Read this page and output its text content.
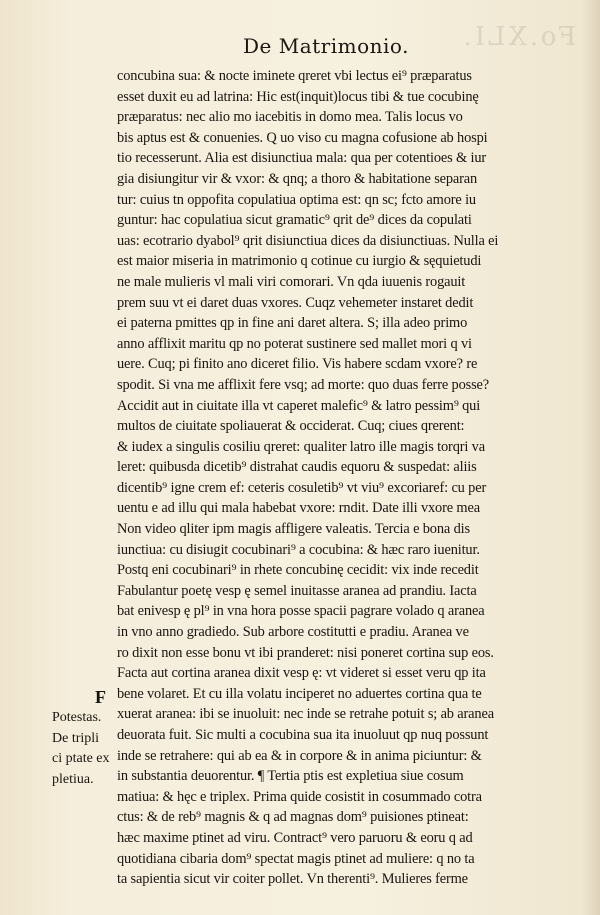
Fo.XLI.
De Matrimonio.
concubina sua: & nocte iminete qreret vbi lectus ei⁹ præparatus
esset duxit eu ad latrina: Hic est(inquit)locus tibi & tue cocubinę
præparatus: nec alio mo iacebitis in domo mea. Talis locus vo
bis aptus est & conuenies. Q uo viso cu magna cofusione ab hospi
tio recesserunt. Alia est disiunctiua mala: qua per cotentioes & iur
gia disiungitur vir & vxor: & qnq; a thoro & habitatione separan
tur: cuius tn oppofita copulatiua optima est: qn sc; fcto amore iu
guntur: hac copulatiua sicut gramatic⁹ qrit de⁹ dices da copulati
uas: ecotrario dyabol⁹ qrit disiunctiua dices da disiunctiuas. Nulla ei
est maior miseria in matrimonio q cotinue cu iurgio & sęquietudi
ne male mulieris vl mali viri comorari. Vn qda iuuenis rogauit
prem suu vt ei daret duas vxores. Cuqz vehemeter instaret dedit
ei paterna pmittes qp in fine ani daret altera. S; illa adeo primo
anno afflixit maritu qp no poterat sustinere sed mallet mori q vi
uere. Cuq; pi finito ano diceret filio. Vis habere scdam vxore? re
spodit. Si vna me afflixit fere vsq; ad morte: quo duas ferre posse?
Accidit aut in ciuitate illa vt caperet malefic⁹ & latro pessim⁹ qui
multos de ciuitate spoliauerat & occiderat. Cuq; ciues qrerent:
& iudex a singulis cosiliu qreret: qualiter latro ille magis torqri va
leret: quibusda dicetib⁹ distrahat caudis equoru & suspedat: aliis
dicentib⁹ igne crem ef: ceteris cosuletib⁹ vt viu⁹ excoriaref: cu per
uentu e ad illu qui mala habebat vxore: rndit. Date illi vxore mea
Non video qliter ipm magis affligere valeatis. Tercia e bona dis
iunctiua: cu disiugit cocubinari⁹ a cocubina: & hæc raro iuenitur.
Postq eni cocubinari⁹ in rhete concubinę cecidit: vix inde recedit
Fabulantur poetę vesp ę semel inuitasse aranea ad prandiu. Iacta
bat enivesp ę pl⁹ in vna hora posse spacii pagrare volado q aranea
in vno anno gradiedo. Sub arbore costitutti e pradiu. Aranea ve
ro dixit non esse bonu vt ibi pranderet: nisi poneret cortina sup eos.
Facta aut cortina aranea dixit vesp ę: vt videret si esset veru qp ita
bene volaret. Et cu illa volatu inciperet no aduertes cortina qua te
xuerat aranea: ibi se inuoluit: nec inde se retrahe potuit s; ab aranea
deuorata fuit. Sic multi a cocubina sua ita inuoluut qp nuq possunt
inde se retrahere: qui ab ea & in corpore & in anima piciuntur: &
in substantia deuorentur. ¶ Tertia ptis est expletiua siue cosum
matiua: & hęc e triplex. Prima quide cosistit in cosummado cotra
ctus: & de reb⁹ magnis & q ad magnas dom⁹ puisiones ptineat:
hæc maxime ptinet ad viru. Contract⁹ vero paruoru & eoru q ad
quotidiana cibaria dom⁹ spectat magis ptinet ad muliere: q no ta
ta sapientia sicut vir coiter pollet. Vn therenti⁹. Mulieres ferme
F
Potestas.
De tripli
ci ptate ex
pletiua.
